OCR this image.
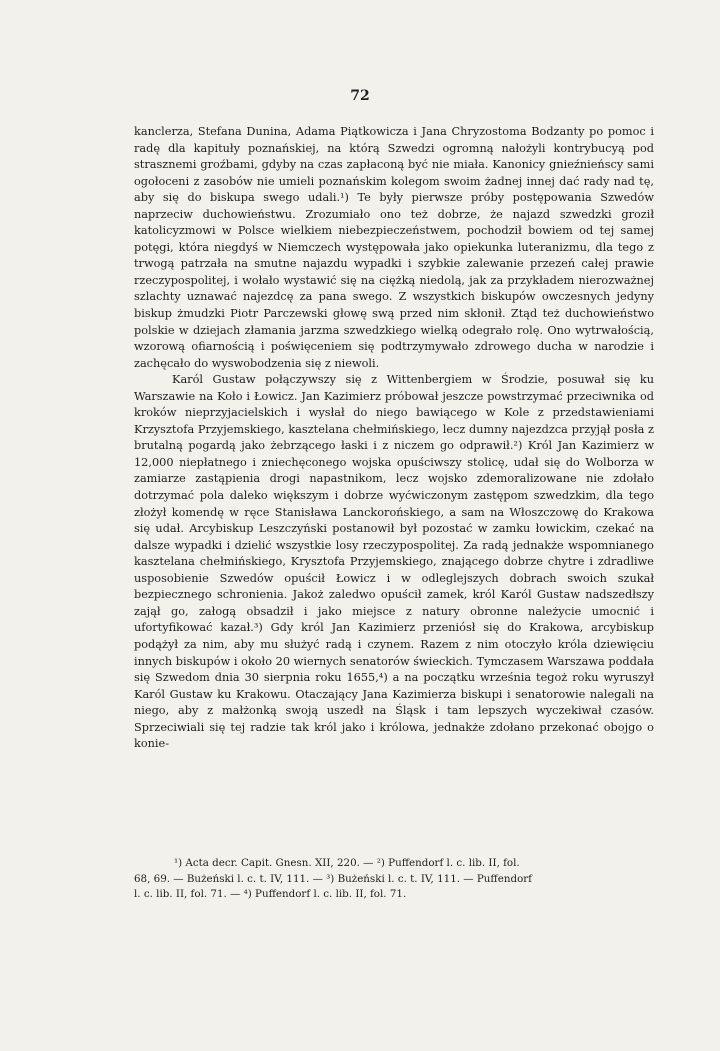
72

kanclerza, Stefana Dunina, Adama Piątkowicza i Jana Chryzostoma Bodzanty po pomoc i radę dla kapituły poznańskiej, na którą Szwedzi ogromną nałożyli kontrybucyą pod strasznemi groźbami, gdyby na czas zapłaconą być nie miała. Kanonicy gnieźnieńscy sami ogołoceni z zasobów nie umieli poznańskim kolegom swoim żadnej innej dać rady nad tę, aby się do biskupa swego udali.¹) Te były pierwsze próby postępowania Szwedów naprzeciw duchowieństwu. Zrozumiało ono też dobrze, że najazd szwedzki groził katolicyzmowi w Polsce wielkiem niebezpieczeństwem, pochodził bowiem od tej samej potęgi, która niegdyś w Niemczech występowała jako opiekunka luteranizmu, dla tego z trwogą patrzała na smutne najazdu wypadki i szybkie zalewanie przezeń całej prawie rzeczypospolitej, i wołało wystawić się na ciężką niedolą, jak za przykładem nierozważnej szlachty uznawać najezdcę za pana swego. Z wszystkich biskupów owczesnych jedyny biskup żmudzki Piotr Parczewski głowę swą przed nim skłonił. Ztąd też duchowieństwo polskie w dziejach złamania jarzma szwedzkiego wielką odegrało rolę. Ono wytrwałością, wzorową ofiarnością i poświęceniem się podtrzymywało zdrowego ducha w narodzie i zachęcało do wyswobodzenia się z niewoli.

Karól Gustaw połączywszy się z Wittenbergiem w Środzie, posuwał się ku Warszawie na Koło i Łowicz. Jan Kazimierz próbował jeszcze powstrzymać przeciwnika od kroków nieprzyjacielskich i wysłał do niego bawiącego w Kole z przedstawieniami Krzysztofa Przyjemskiego, kasztelana chełmińskiego, lecz dumny najezdzca przyjął posła z brutalną pogardą jako żebrzącego łaski i z niczem go odprawił.²) Król Jan Kazimierz w 12,000 niepłatnego i zniechęconego wojska opuściwszy stolicę, udał się do Wolborza w zamiarze zastąpienia drogi napastnikom, lecz wojsko zdemoralizowane nie zdołało dotrzymać pola daleko większym i dobrze wyćwiczonym zastępom szwedzkim, dla tego złożył komendę w ręce Stanisława Lanckorońskiego, a sam na Włoszczowę do Krakowa się udał. Arcybiskup Leszczyński postanowił był pozostać w zamku łowickim, czekać na dalsze wypadki i dzielić wszystkie losy rzeczypospolitej. Za radą jednakże wspomnianego kasztelana chełmińskiego, Krysztofa Przyjemskiego, znającego dobrze chytre i zdradliwe usposobienie Szwedów opuścił Łowicz i w odleglejszych dobrach swoich szukał bezpiecznego schronienia. Jakoż zaledwo opuścił zamek, król Karól Gustaw nadszedłszy zajął go, załogą obsadził i jako miejsce z natury obronne należycie umocnić i ufortyfikować kazał.³) Gdy król Jan Kazimierz przeniósł się do Krakowa, arcybiskup podążył za nim, aby mu służyć radą i czynem. Razem z nim otoczyło króla dziewięciu innych biskupów i około 20 wiernych senatorów świeckich. Tymczasem Warszawa poddała się Szwedom dnia 30 sierpnia roku 1655,⁴) a na początku września tegoż roku wyruszył Karól Gustaw ku Krakowu. Otaczający Jana Kazimierza biskupi i senatorowie nalegali na niego, aby z małżonką swoją uszedł na Śląsk i tam lepszych wyczekiwał czasów. Sprzeciwiali się tej radzie tak król jako i królowa, jednakże zdołano przekonać obojgo o konie-

¹) Acta decr. Capit. Gnesn. XII, 220. — ²) Puffendorf l. c. lib. II, fol.

68, 69. — Bużeński l. c. t. IV, 111. — ³) Bużeński l. c. t. IV, 111. — Puffendorf

l. c. lib. II, fol. 71. — ⁴) Puffendorf l. c. lib. II, fol. 71.
